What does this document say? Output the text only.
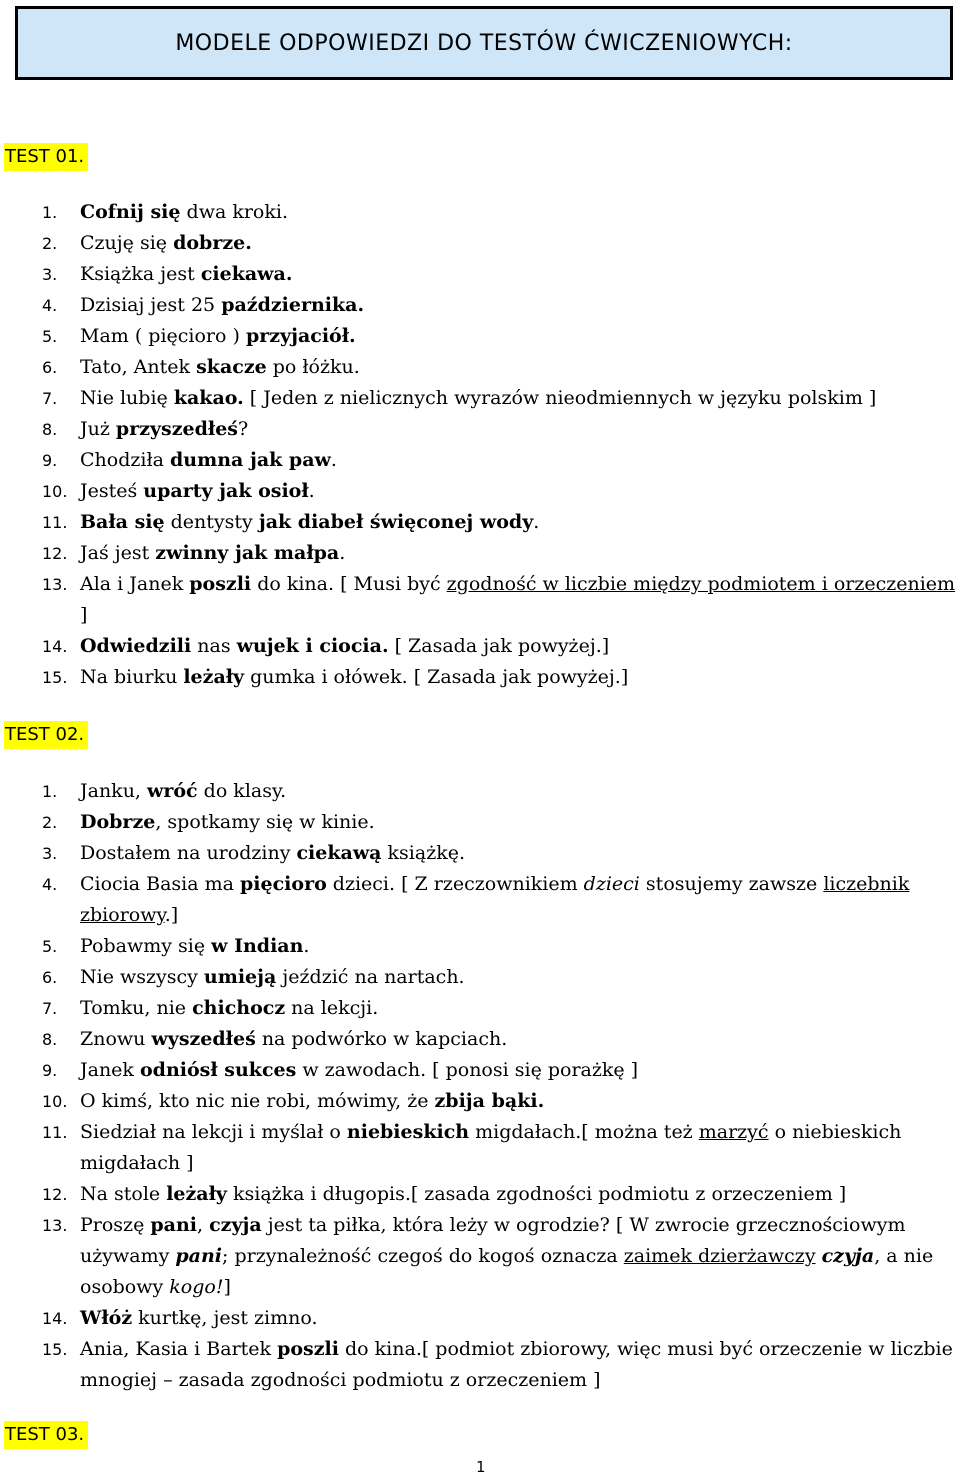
MODELE ODPOWIEDZI DO TESTÓW ĆWICZENIOWYCH:
TEST 01.
1. Cofnij się dwa kroki.
2. Czuję się dobrze.
3. Książka jest ciekawa.
4. Dzisiaj jest 25 października.
5. Mam ( pięcioro ) przyjaciół.
6. Tato, Antek skacze po łóżku.
7. Nie lubię kakao. [ Jeden z nielicznych wyrazów nieodmiennych w języku polskim ]
8. Już przyszedłeś?
9. Chodziła dumna jak paw.
10. Jesteś uparty jak osioł.
11. Bała się dentysty jak diabeł święconej wody.
12. Jaś jest zwinny jak małpa.
13. Ala i Janek poszli do kina. [ Musi być zgodność w liczbie między podmiotem i orzeczeniem ]
14. Odwiedzili nas wujek i ciocia. [ Zasada jak powyżej.]
15. Na biurku leżały gumka i ołówek. [ Zasada jak powyżej.]
TEST 02.
1. Janku, wróć do klasy.
2. Dobrze, spotkamy się w kinie.
3. Dostałem na urodziny ciekawą książkę.
4. Ciocia Basia ma pięcioro dzieci. [ Z rzeczownikiem dzieci stosujemy zawsze liczebnik zbiorowy.]
5. Pobawmy się w Indian.
6. Nie wszyscy umieją jeździć na nartach.
7. Tomku, nie chichocz na lekcji.
8. Znowu wyszedłeś na podwórko w kapciach.
9. Janek odniósł sukces w zawodach. [ ponosi się porażkę ]
10. O kimś, kto nic nie robi, mówimy, że zbija bąki.
11. Siedział na lekcji i myślał o niebieskich migdałach.[ można też marzyć o niebieskich migdałach ]
12. Na stole leżały książka i długopis.[ zasada zgodności podmiotu z orzeczeniem ]
13. Proszę pani, czyja jest ta piłka, która leży w ogrodzie? [ W zwrocie grzecznościowym używamy pani; przynależność czegoś do kogoś oznacza zaimek dzierżawczy czyja, a nie osobowy kogo!]
14. Włóż kurtkę, jest zimno.
15. Ania, Kasia i Bartek poszli do kina.[ podmiot zbiorowy, więc musi być orzeczenie w liczbie mnogiej – zasada zgodności podmiotu z orzeczeniem ]
TEST 03.
1
